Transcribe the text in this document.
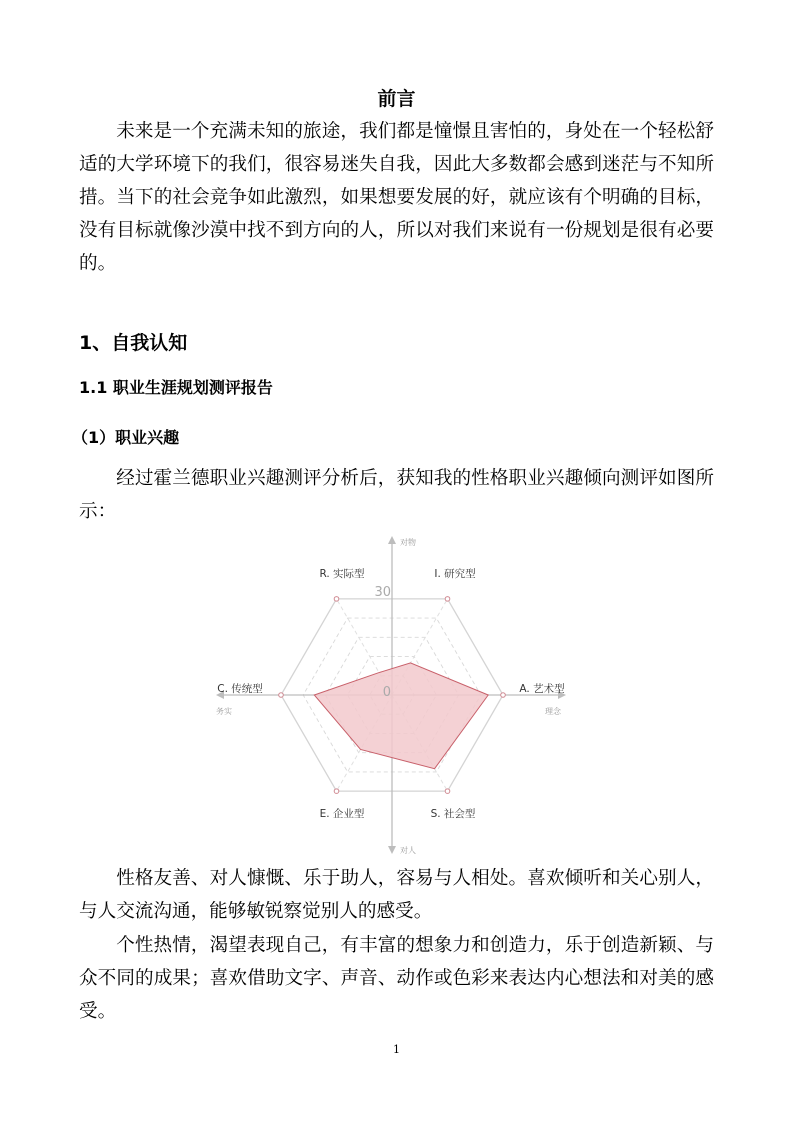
前言

未来是一个充满未知的旅途，我们都是憧憬且害怕的，身处在一个轻松舒适的大学环境下的我们，很容易迷失自我，因此大多数都会感到迷茫与不知所措。当下的社会竞争如此激烈，如果想要发展的好，就应该有个明确的目标，没有目标就像沙漠中找不到方向的人，所以对我们来说有一份规划是很有必要的。

1、自我认知
1.1 职业生涯规划测评报告
（1）职业兴趣

经过霍兰德职业兴趣测评分析后，获知我的性格职业兴趣倾向测评如图所示：

R. 实际型	I. 研究型
A. 艺术型
S. 社会型
E. 企业型
C. 传统型
30
0
对物
对人
务实	理念

性格友善、对人慷慨、乐于助人，容易与人相处。喜欢倾听和关心别人，与人交流沟通，能够敏锐察觉别人的感受。

个性热情，渴望表现自己，有丰富的想象力和创造力，乐于创造新颖、与众不同的成果；喜欢借助文字、声音、动作或色彩来表达内心想法和对美的感受。

1
